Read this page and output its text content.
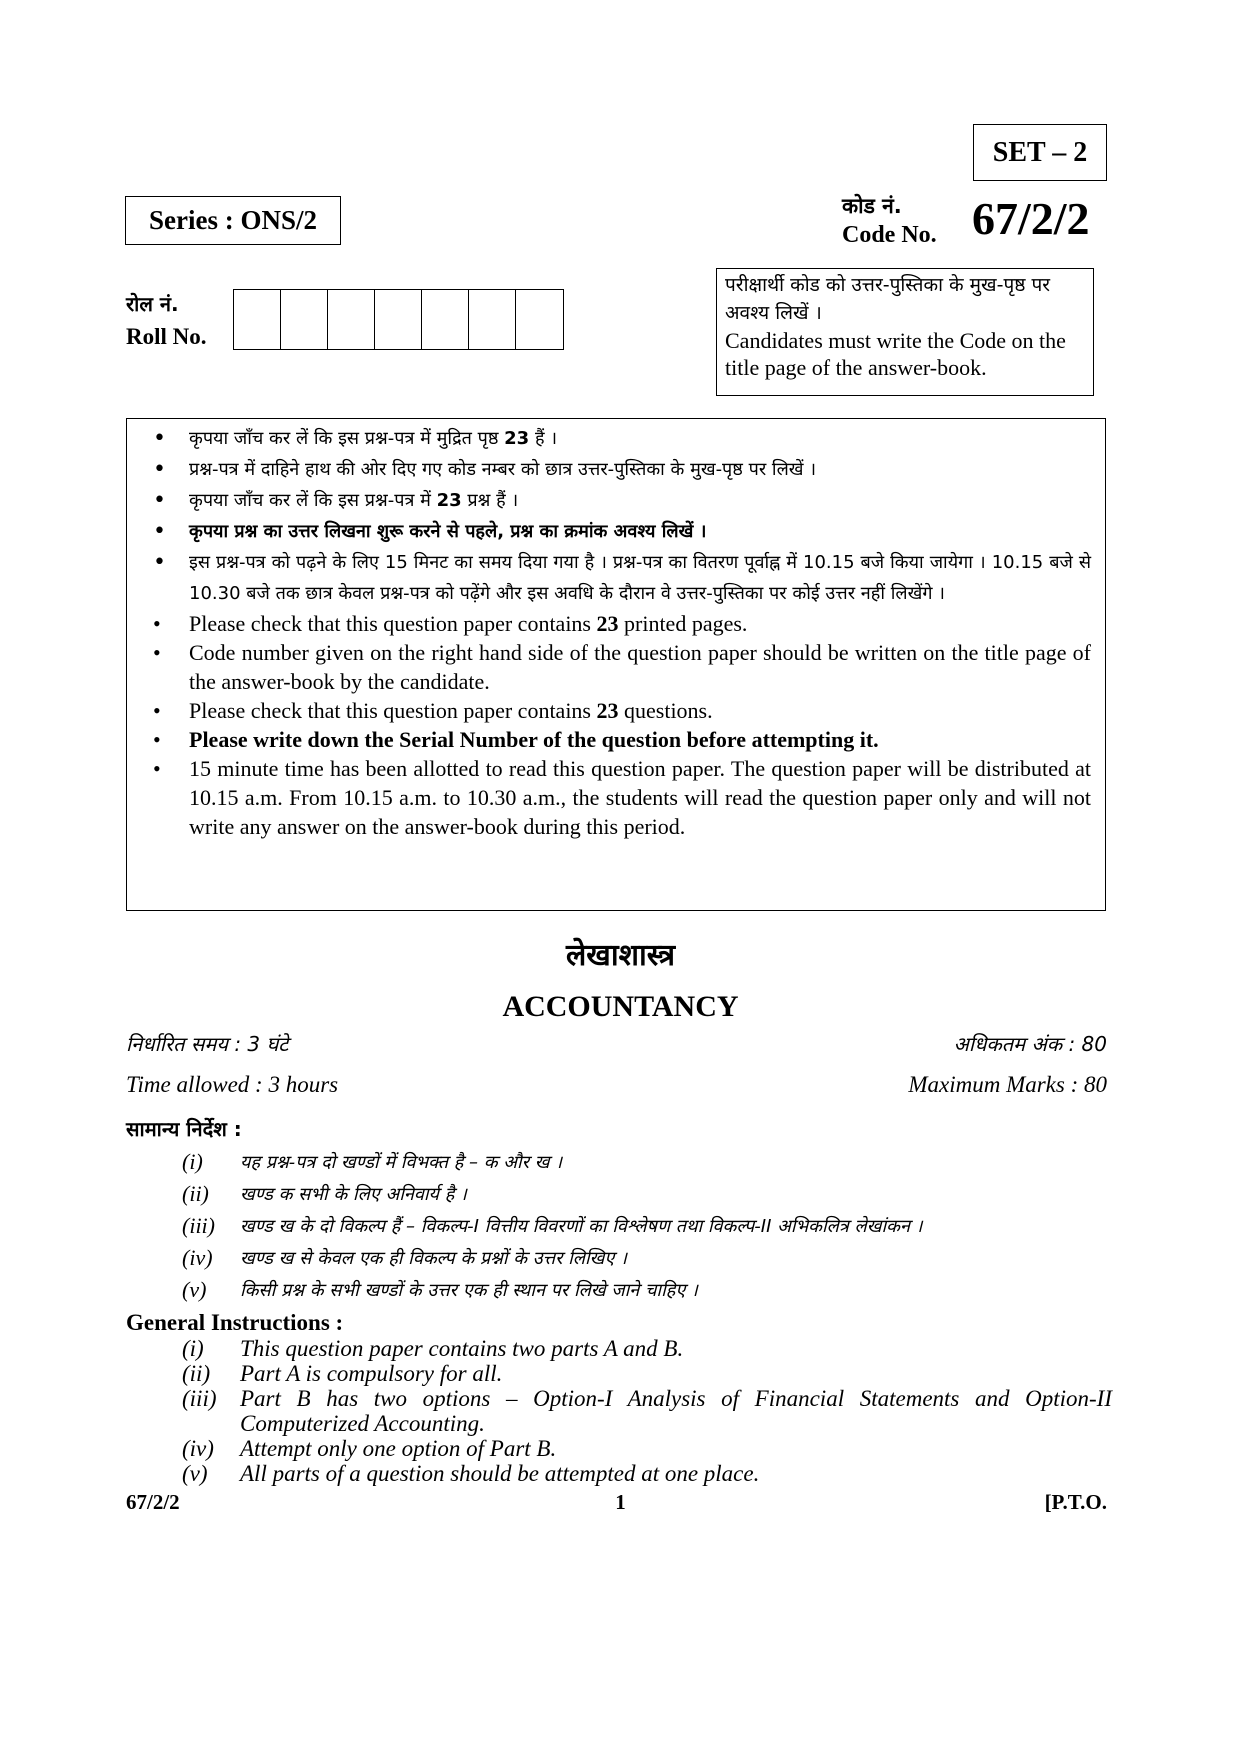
SET – 2
Series : ONS/2	कोड नं.
Code No. 67/2/2
रोल नं.
Roll No.
परीक्षार्थी कोड को उत्तर-पुस्तिका के मुख-पृष्ठ पर अवश्य लिखें ।
Candidates must write the Code on the title page of the answer-book.
• कृपया जाँच कर लें कि इस प्रश्न-पत्र में मुद्रित पृष्ठ 23 हैं ।
• प्रश्न-पत्र में दाहिने हाथ की ओर दिए गए कोड नम्बर को छात्र उत्तर-पुस्तिका के मुख-पृष्ठ पर लिखें ।
• कृपया जाँच कर लें कि इस प्रश्न-पत्र में 23 प्रश्न हैं ।
• कृपया प्रश्न का उत्तर लिखना शुरू करने से पहले, प्रश्न का क्रमांक अवश्य लिखें ।
• इस प्रश्न-पत्र को पढ़ने के लिए 15 मिनट का समय दिया गया है । प्रश्न-पत्र का वितरण पूर्वाह्न में 10.15 बजे किया जायेगा । 10.15 बजे से 10.30 बजे तक छात्र केवल प्रश्न-पत्र को पढ़ेंगे और इस अवधि के दौरान वे उत्तर-पुस्तिका पर कोई उत्तर नहीं लिखेंगे ।
• Please check that this question paper contains 23 printed pages.
• Code number given on the right hand side of the question paper should be written on the title page of the answer-book by the candidate.
• Please check that this question paper contains 23 questions.
• Please write down the Serial Number of the question before attempting it.
• 15 minute time has been allotted to read this question paper. The question paper will be distributed at 10.15 a.m. From 10.15 a.m. to 10.30 a.m., the students will read the question paper only and will not write any answer on the answer-book during this period.
लेखाशास्त्र
ACCOUNTANCY
निर्धारित समय : 3 घंटे	अधिकतम अंक : 80
Time allowed : 3 hours	Maximum Marks : 80
सामान्य निर्देश :
(i)	यह प्रश्न-पत्र दो खण्डों में विभक्त है – क और ख ।
(ii)	खण्ड क सभी के लिए अनिवार्य है ।
(iii)	खण्ड ख के दो विकल्प हैं – विकल्प-I वित्तीय विवरणों का विश्लेषण तथा विकल्प-II अभिकलित्र लेखांकन ।
(iv)	खण्ड ख से केवल एक ही विकल्प के प्रश्नों के उत्तर लिखिए ।
(v)	किसी प्रश्न के सभी खण्डों के उत्तर एक ही स्थान पर लिखे जाने चाहिए ।
General Instructions :
(i)	This question paper contains two parts A and B.
(ii)	Part A is compulsory for all.
(iii)	Part B has two options – Option-I Analysis of Financial Statements and Option-II Computerized Accounting.
(iv)	Attempt only one option of Part B.
(v)	All parts of a question should be attempted at one place.
67/2/2	1	[P.T.O.
